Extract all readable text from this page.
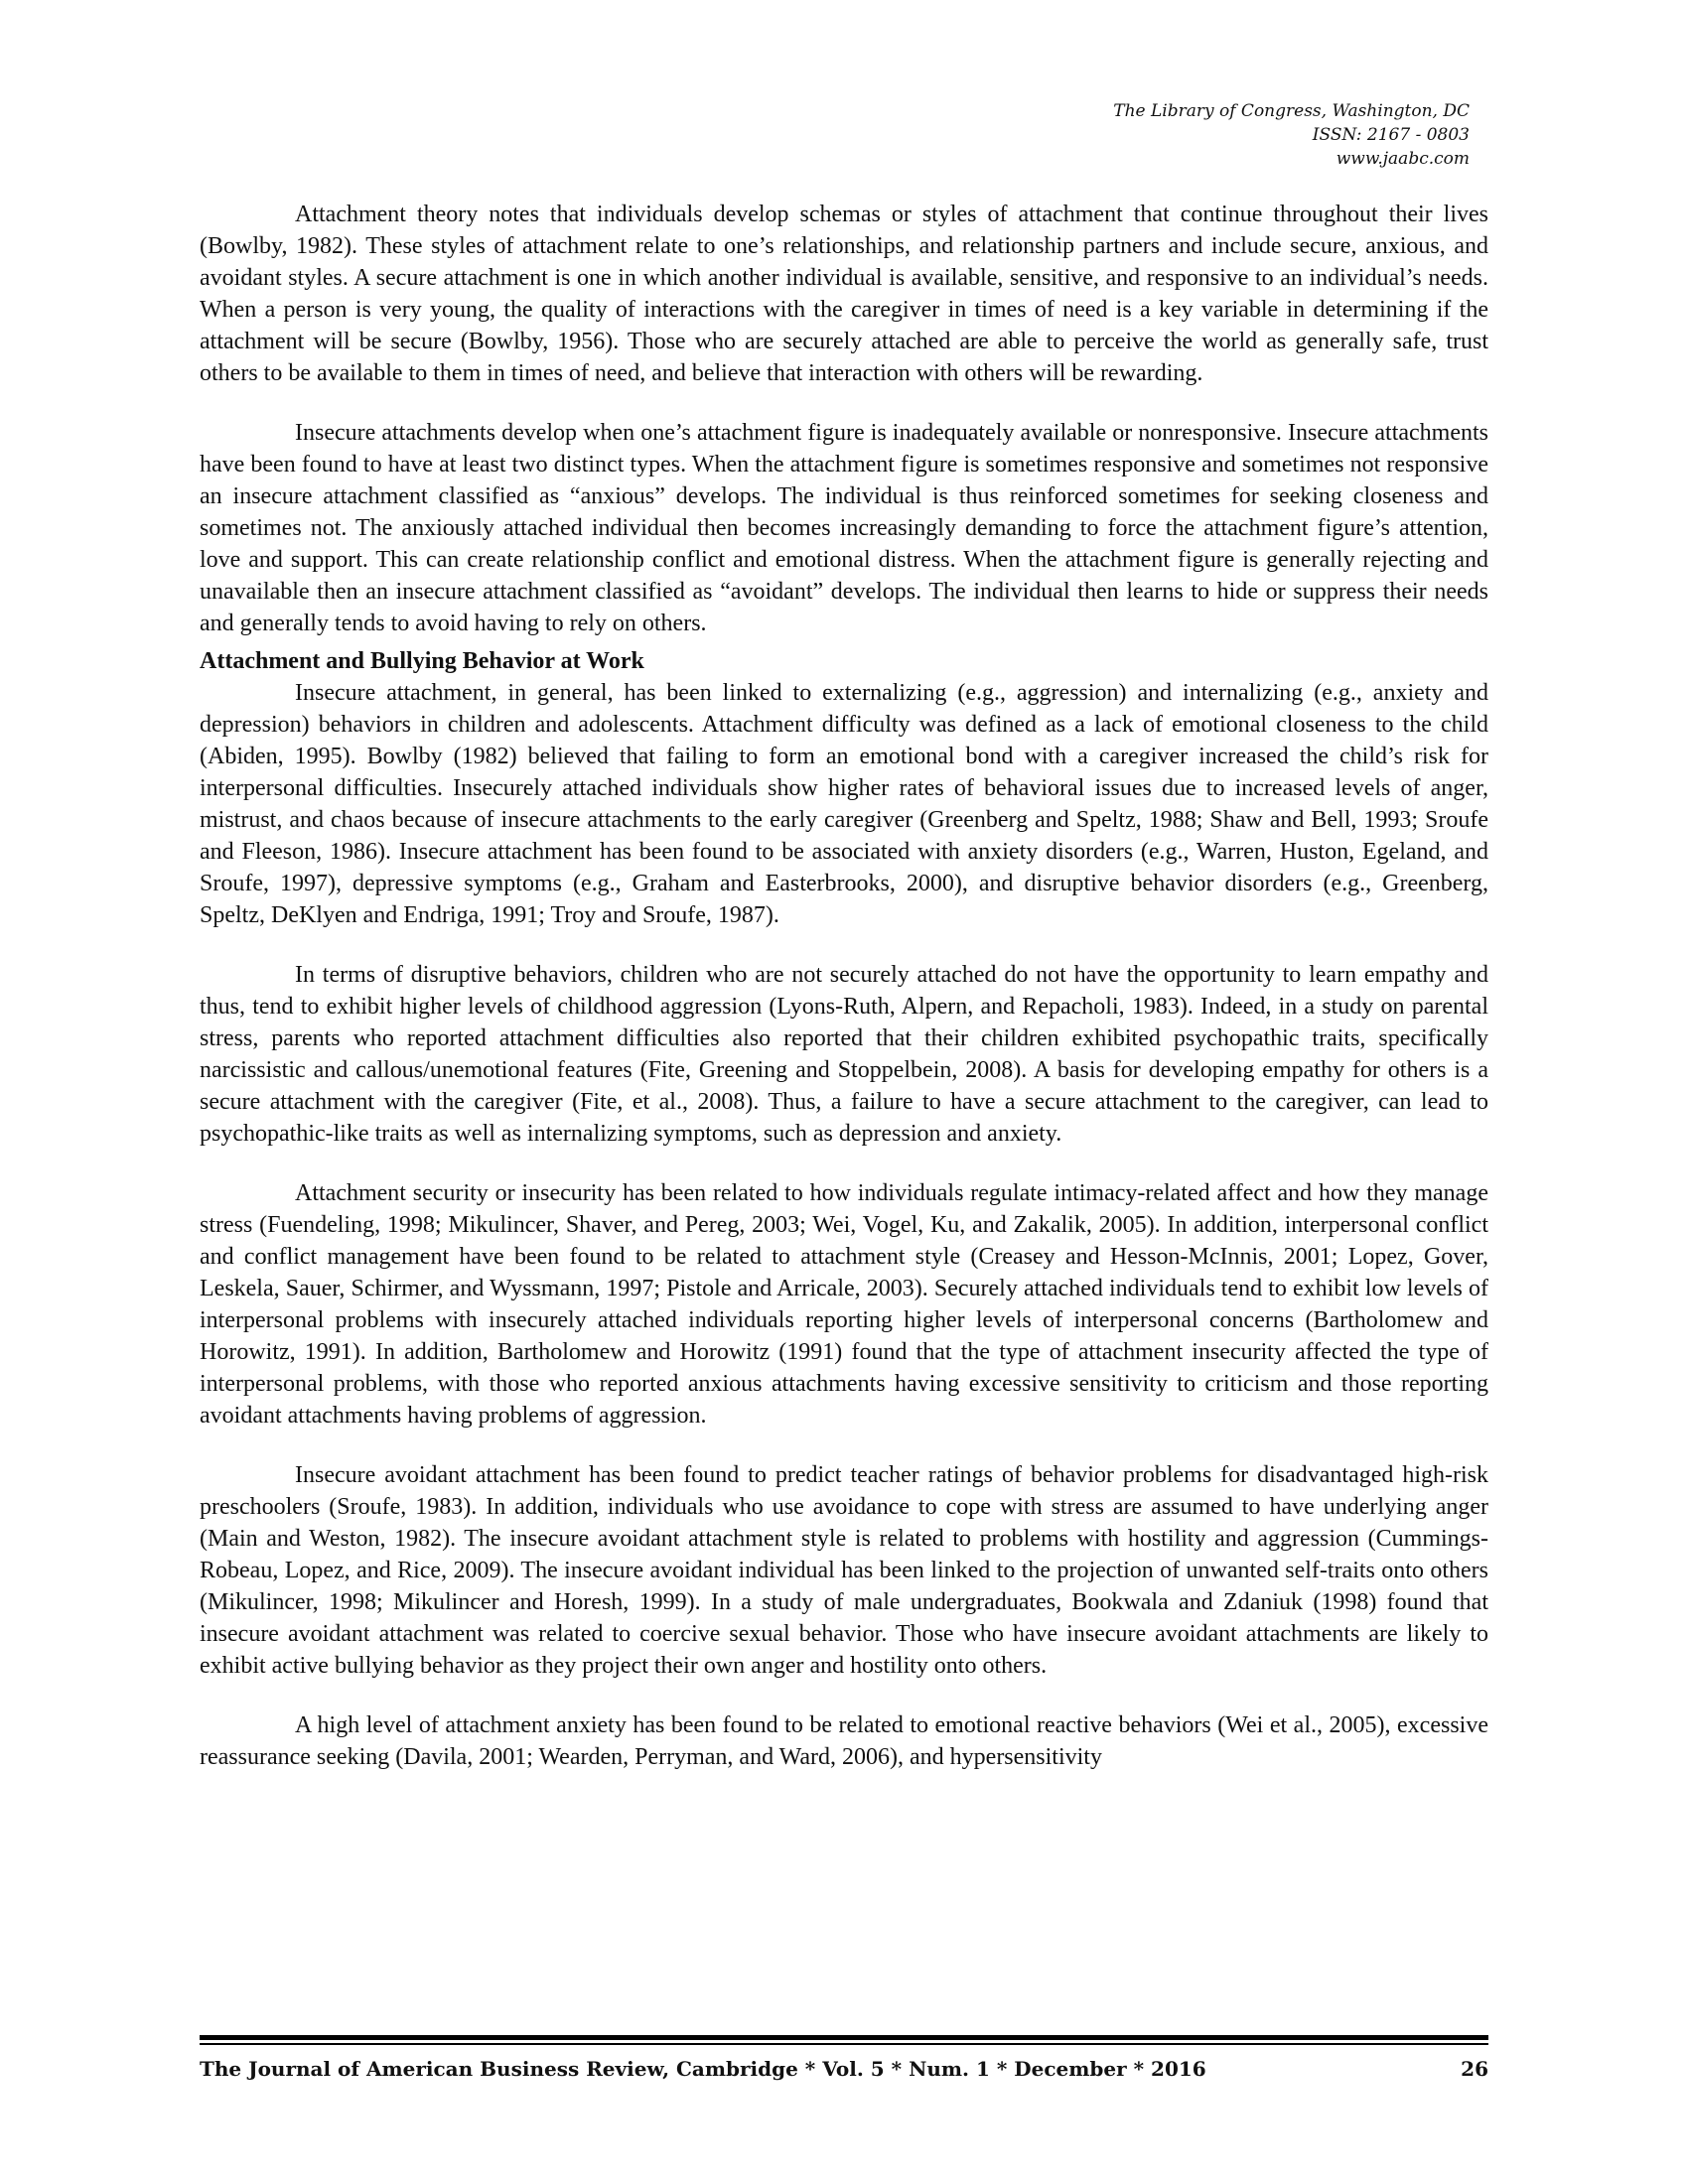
The Library of Congress, Washington, DC
ISSN: 2167 - 0803
www.jaabc.com

Attachment theory notes that individuals develop schemas or styles of attachment that continue throughout their lives (Bowlby, 1982). These styles of attachment relate to one’s relationships, and relationship partners and include secure, anxious, and avoidant styles. A secure attachment is one in which another individual is available, sensitive, and responsive to an individual’s needs. When a person is very young, the quality of interactions with the caregiver in times of need is a key variable in determining if the attachment will be secure (Bowlby, 1956). Those who are securely attached are able to perceive the world as generally safe, trust others to be available to them in times of need, and believe that interaction with others will be rewarding.

Insecure attachments develop when one’s attachment figure is inadequately available or nonresponsive. Insecure attachments have been found to have at least two distinct types. When the attachment figure is sometimes responsive and sometimes not responsive an insecure attachment classified as “anxious” develops. The individual is thus reinforced sometimes for seeking closeness and sometimes not. The anxiously attached individual then becomes increasingly demanding to force the attachment figure’s attention, love and support. This can create relationship conflict and emotional distress. When the attachment figure is generally rejecting and unavailable then an insecure attachment classified as “avoidant” develops. The individual then learns to hide or suppress their needs and generally tends to avoid having to rely on others.

Attachment and Bullying Behavior at Work

Insecure attachment, in general, has been linked to externalizing (e.g., aggression) and internalizing (e.g., anxiety and depression) behaviors in children and adolescents. Attachment difficulty was defined as a lack of emotional closeness to the child (Abiden, 1995). Bowlby (1982) believed that failing to form an emotional bond with a caregiver increased the child’s risk for interpersonal difficulties. Insecurely attached individuals show higher rates of behavioral issues due to increased levels of anger, mistrust, and chaos because of insecure attachments to the early caregiver (Greenberg and Speltz, 1988; Shaw and Bell, 1993; Sroufe and Fleeson, 1986). Insecure attachment has been found to be associated with anxiety disorders (e.g., Warren, Huston, Egeland, and Sroufe, 1997), depressive symptoms (e.g., Graham and Easterbrooks, 2000), and disruptive behavior disorders (e.g., Greenberg, Speltz, DeKlyen and Endriga, 1991; Troy and Sroufe, 1987).

In terms of disruptive behaviors, children who are not securely attached do not have the opportunity to learn empathy and thus, tend to exhibit higher levels of childhood aggression (Lyons-Ruth, Alpern, and Repacholi, 1983). Indeed, in a study on parental stress, parents who reported attachment difficulties also reported that their children exhibited psychopathic traits, specifically narcissistic and callous/unemotional features (Fite, Greening and Stoppelbein, 2008). A basis for developing empathy for others is a secure attachment with the caregiver (Fite, et al., 2008). Thus, a failure to have a secure attachment to the caregiver, can lead to psychopathic-like traits as well as internalizing symptoms, such as depression and anxiety.

Attachment security or insecurity has been related to how individuals regulate intimacy-related affect and how they manage stress (Fuendeling, 1998; Mikulincer, Shaver, and Pereg, 2003; Wei, Vogel, Ku, and Zakalik, 2005). In addition, interpersonal conflict and conflict management have been found to be related to attachment style (Creasey and Hesson-McInnis, 2001; Lopez, Gover, Leskela, Sauer, Schirmer, and Wyssmann, 1997; Pistole and Arricale, 2003). Securely attached individuals tend to exhibit low levels of interpersonal problems with insecurely attached individuals reporting higher levels of interpersonal concerns (Bartholomew and Horowitz, 1991). In addition, Bartholomew and Horowitz (1991) found that the type of attachment insecurity affected the type of interpersonal problems, with those who reported anxious attachments having excessive sensitivity to criticism and those reporting avoidant attachments having problems of aggression.

Insecure avoidant attachment has been found to predict teacher ratings of behavior problems for disadvantaged high-risk preschoolers (Sroufe, 1983). In addition, individuals who use avoidance to cope with stress are assumed to have underlying anger (Main and Weston, 1982). The insecure avoidant attachment style is related to problems with hostility and aggression (Cummings-Robeau, Lopez, and Rice, 2009). The insecure avoidant individual has been linked to the projection of unwanted self-traits onto others (Mikulincer, 1998; Mikulincer and Horesh, 1999). In a study of male undergraduates, Bookwala and Zdaniuk (1998) found that insecure avoidant attachment was related to coercive sexual behavior. Those who have insecure avoidant attachments are likely to exhibit active bullying behavior as they project their own anger and hostility onto others.

A high level of attachment anxiety has been found to be related to emotional reactive behaviors (Wei et al., 2005), excessive reassurance seeking (Davila, 2001; Wearden, Perryman, and Ward, 2006), and hypersensitivity

The Journal of American Business Review, Cambridge * Vol. 5 * Num. 1 * December * 2016	26
